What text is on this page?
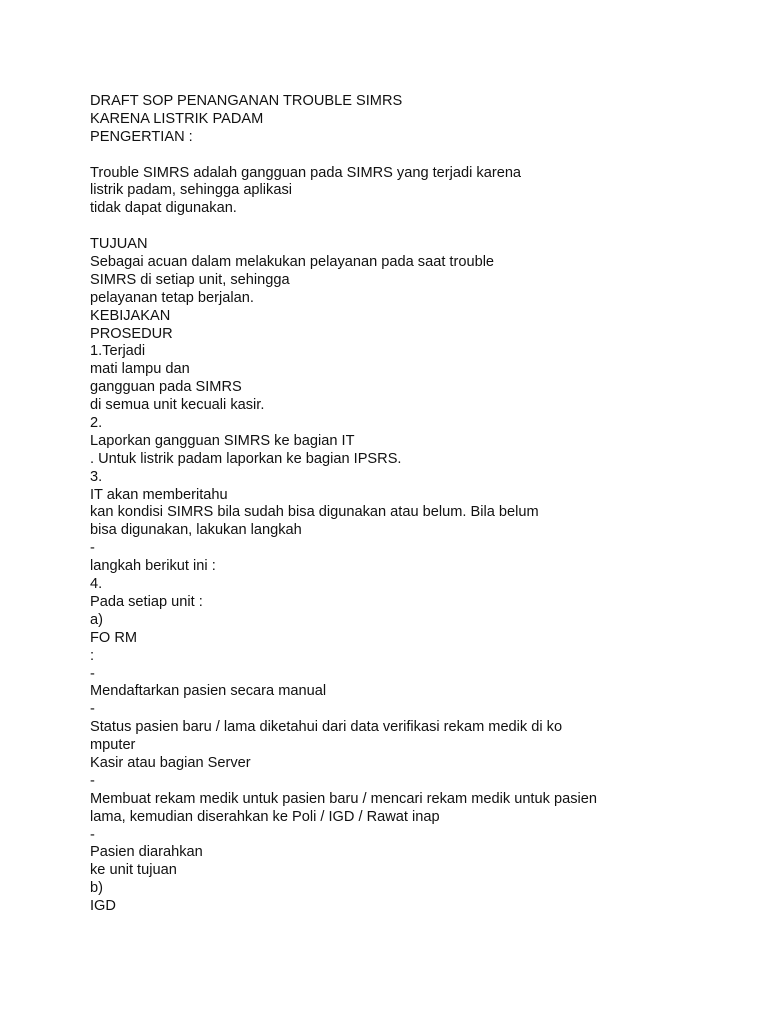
DRAFT SOP PENANGANAN TROUBLE SIMRS
KARENA LISTRIK PADAM
PENGERTIAN :
Trouble SIMRS adalah gangguan pada SIMRS yang terjadi karena
listrik padam, sehingga aplikasi
tidak dapat digunakan.
TUJUAN
Sebagai acuan dalam melakukan pelayanan pada saat trouble
SIMRS di setiap unit, sehingga
pelayanan tetap berjalan.
KEBIJAKAN
PROSEDUR
1.Terjadi
mati lampu dan
gangguan pada SIMRS
di semua unit kecuali kasir.
2.
Laporkan gangguan SIMRS ke bagian IT
. Untuk listrik padam laporkan ke bagian IPSRS.
3.
IT akan memberitahu
kan kondisi SIMRS bila sudah bisa digunakan atau belum. Bila belum
bisa digunakan, lakukan langkah
-
langkah berikut ini :
4.
Pada setiap unit :
a)
FO RM
:
-
Mendaftarkan pasien secara manual
-
Status pasien baru / lama diketahui dari data verifikasi rekam medik di ko
mputer
Kasir atau bagian Server
-
Membuat rekam medik untuk pasien baru / mencari rekam medik untuk pasien
lama, kemudian diserahkan ke Poli / IGD / Rawat inap
-
Pasien diarahkan
ke unit tujuan
b)
IGD
